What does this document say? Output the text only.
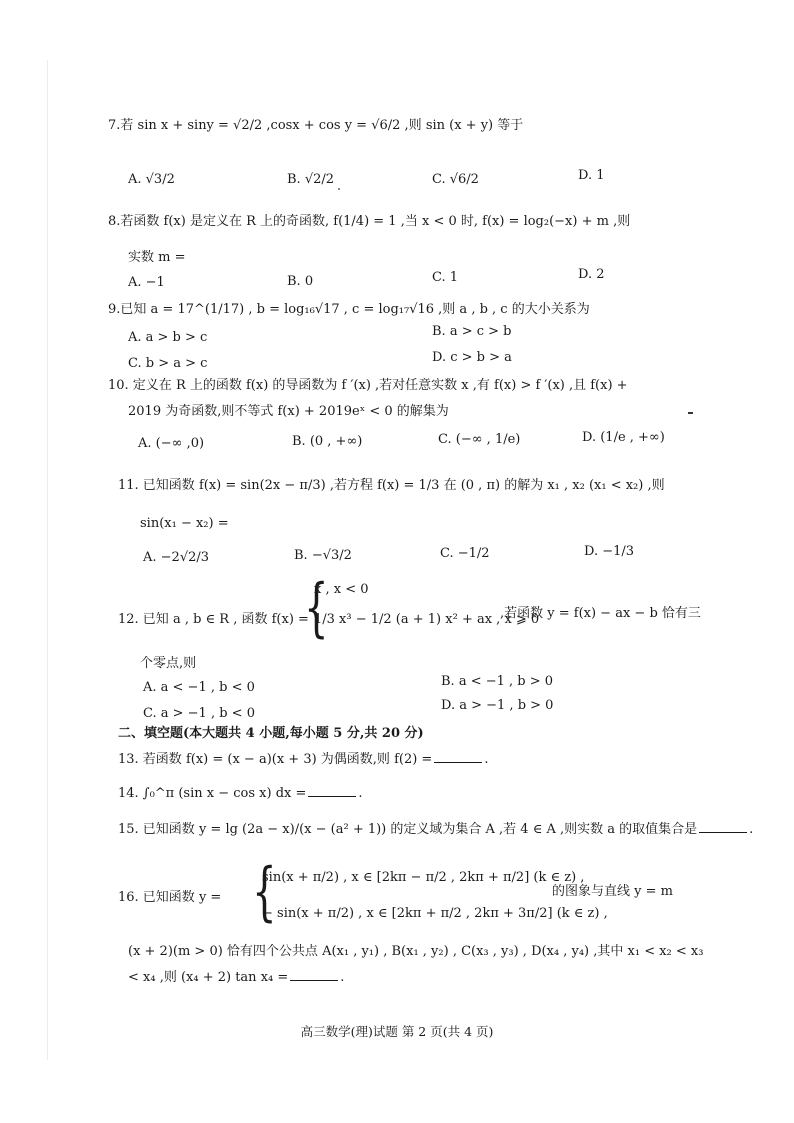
7.若 sin x + siny = √2/2 ,cosx + cos y = √6/2 ,则 sin (x + y) 等于
A. √3/2	B. √2/2	C. √6/2	D. 1
8.若函数 f(x) 是定义在 R 上的奇函数, f(1/4) = 1 ,当 x < 0 时, f(x) = log₂(−x) + m ,则
实数 m =
A. −1	B. 0	C. 1	D. 2
9.已知 a = 17^(1/17) , b = log₁₆√17 , c = log₁₇√16 ,则 a , b , c 的大小关系为
A. a > b > c	B. a > c > b
C. b > a > c	D. c > b > a
10. 定义在 R 上的函数 f(x) 的导函数为 f ′(x) ,若对任意实数 x ,有 f(x) > f ′(x) ,且 f(x) +
2019 为奇函数,则不等式 f(x) + 2019eˣ < 0 的解集为
A. (−∞ ,0)	B. (0 , +∞)	C. (−∞ , 1/e)	D. (1/e , +∞)
11. 已知函数 f(x) = sin(2x − π/3) ,若方程 f(x) = 1/3 在 (0 , π) 的解为 x₁ , x₂ (x₁ < x₂) ,则
sin(x₁ − x₂) =
A. −2√2/3	B. −√3/2	C. −1/2	D. −1/3
12. 已知 a , b ∈ R , 函数 f(x) =
{
x , x < 0
1/3 x³ − 1/2 (a + 1) x² + ax , x ⩾ 0
,若函数 y = f(x) − ax − b 恰有三
个零点,则
A. a < −1 , b < 0	B. a < −1 , b > 0
C. a > −1 , b < 0
D. a > −1 , b > 0
二、填空题(本大题共 4 小题,每小题 5 分,共 20 分)
13. 若函数 f(x) = (x − a)(x + 3) 为偶函数,则 f(2) =	.
14. ∫₀^π (sin x − cos x) dx =	.
15. 已知函数 y = lg (2a − x)/(x − (a² + 1)) 的定义域为集合 A ,若 4 ∈ A ,则实数 a 的取值集合是	.
16. 已知函数 y = {
sin(x + π/2) , x ∈ [2kπ − π/2 , 2kπ + π/2] (k ∈ z) ,
− sin(x + π/2) , x ∈ [2kπ + π/2 , 2kπ + 3π/2] (k ∈ z) ,
的图象与直线 y = m
(x + 2)(m > 0) 恰有四个公共点 A(x₁ , y₁) , B(x₁ , y₂) , C(x₃ , y₃) , D(x₄ , y₄) ,其中 x₁ < x₂ < x₃
< x₄ ,则 (x₄ + 2) tan x₄ =	.
高三数学(理)试题 第 2 页(共 4 页)
